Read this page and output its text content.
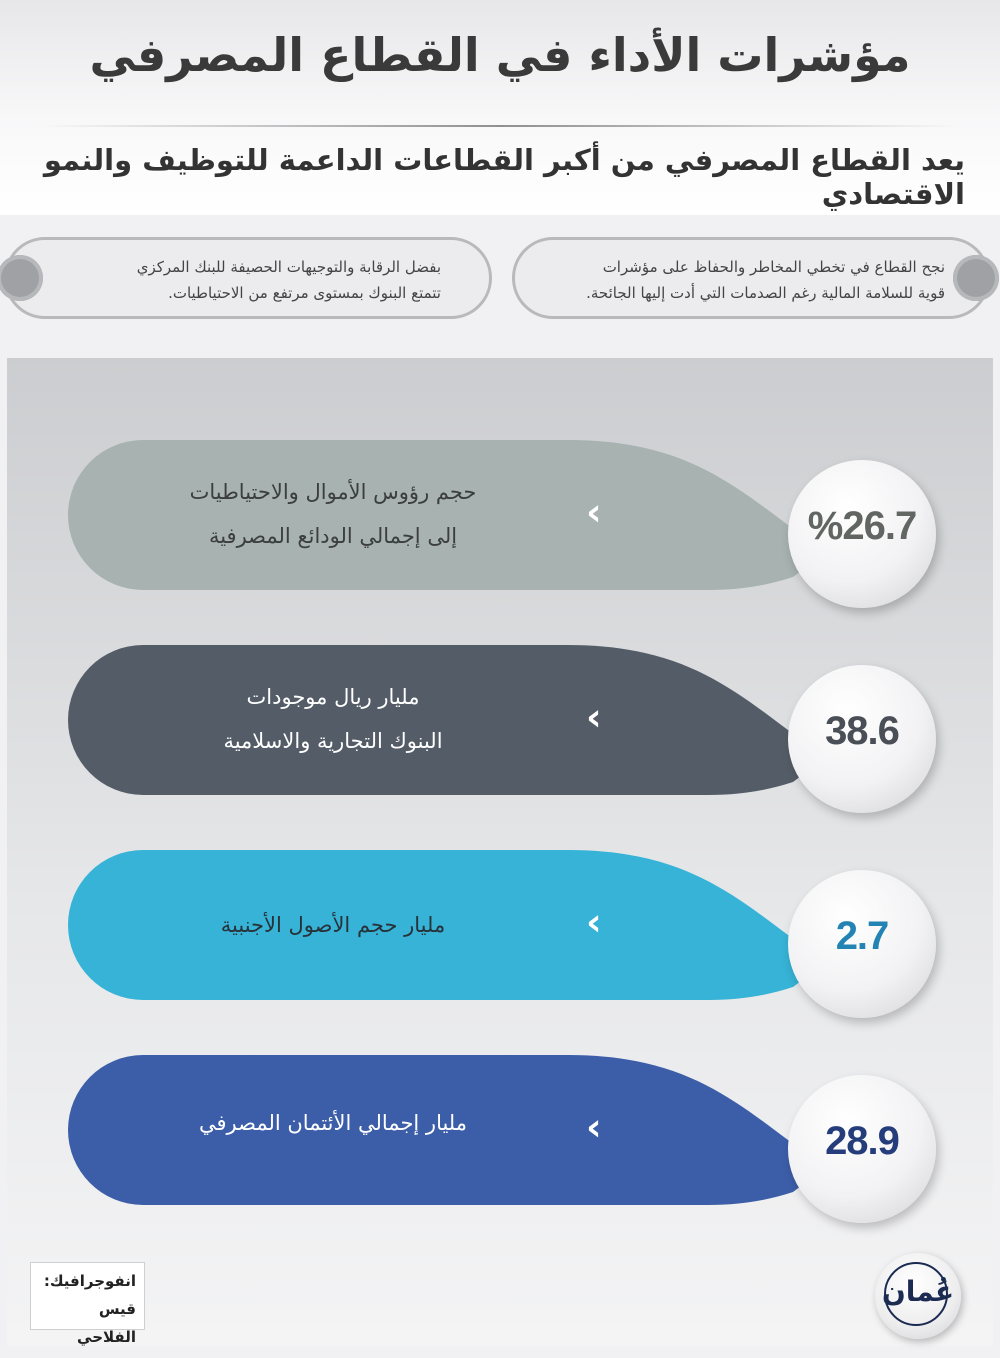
مؤشرات الأداء في القطاع المصرفي
يعد القطاع المصرفي من أكبر القطاعات الداعمة للتوظيف والنمو الاقتصادي
نجح القطاع في تخطي المخاطر والحفاظ على مؤشرات
قوية للسلامة المالية رغم الصدمات التي أدت إليها الجائحة.
بفضل الرقابة والتوجيهات الحصيفة للبنك المركزي
تتمتع البنوك بمستوى مرتفع من الاحتياطيات.
حجم رؤوس الأموال والاحتياطيات
إلى إجمالي الودائع المصرفية
‹	%26.7
مليار ريال موجودات
البنوك التجارية والاسلامية
‹	38.6
مليار حجم الأصول الأجنبية	‹	2.7
مليار إجمالي الأئتمان المصرفي	‹	28.9
انفوجرافيك:
قيس الفلاحي
عُمان
